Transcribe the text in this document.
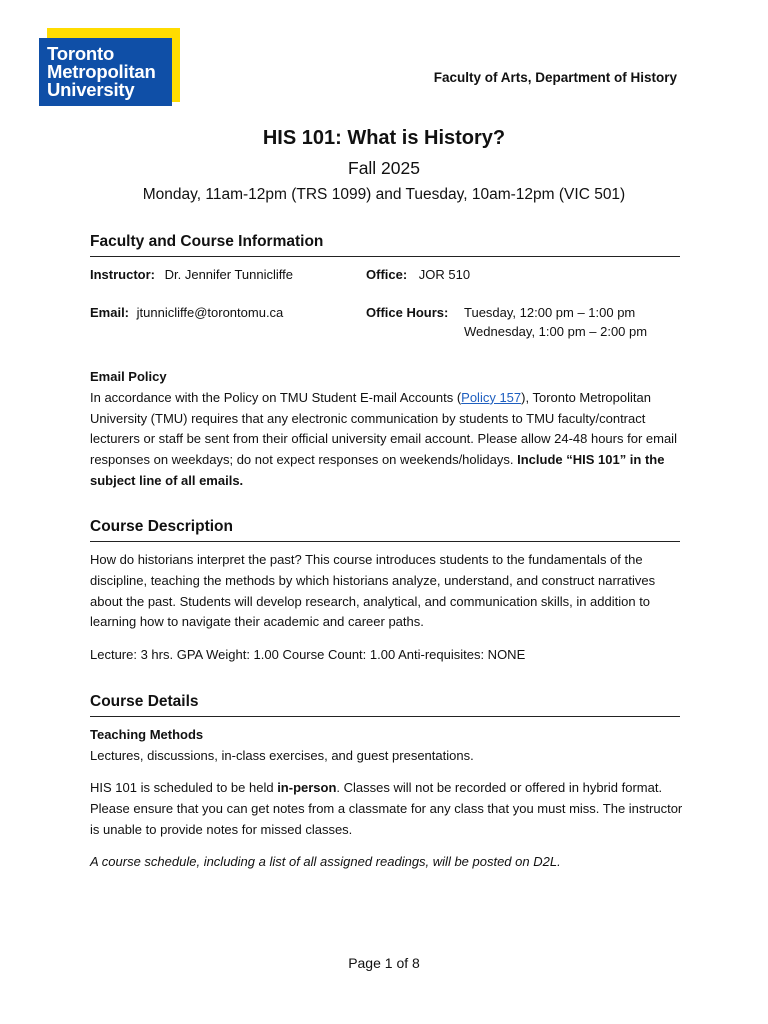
Toronto
Metropolitan
University
Faculty of Arts, Department of History
HIS 101: What is History?
Fall 2025
Monday, 11am-12pm (TRS 1099) and Tuesday, 10am-12pm (VIC 501)
Faculty and Course Information
Instructor: Dr. Jennifer Tunnicliffe	Office: JOR 510
Email: jtunnicliffe@torontomu.ca	Office Hours: Tuesday, 12:00 pm – 1:00 pm
Wednesday, 1:00 pm – 2:00 pm
Email Policy
In accordance with the Policy on TMU Student E-mail Accounts (Policy 157), Toronto Metropolitan University (TMU) requires that any electronic communication by students to TMU faculty/contract lecturers or staff be sent from their official university email account. Please allow 24-48 hours for email responses on weekdays; do not expect responses on weekends/holidays. Include “HIS 101” in the subject line of all emails.
Course Description
How do historians interpret the past? This course introduces students to the fundamentals of the discipline, teaching the methods by which historians analyze, understand, and construct narratives about the past. Students will develop research, analytical, and communication skills, in addition to learning how to navigate their academic and career paths.
Lecture: 3 hrs. GPA Weight: 1.00 Course Count: 1.00 Anti-requisites: NONE
Course Details
Teaching Methods
Lectures, discussions, in-class exercises, and guest presentations.
HIS 101 is scheduled to be held in-person. Classes will not be recorded or offered in hybrid format. Please ensure that you can get notes from a classmate for any class that you must miss. The instructor is unable to provide notes for missed classes.
A course schedule, including a list of all assigned readings, will be posted on D2L.
Page 1 of 8
